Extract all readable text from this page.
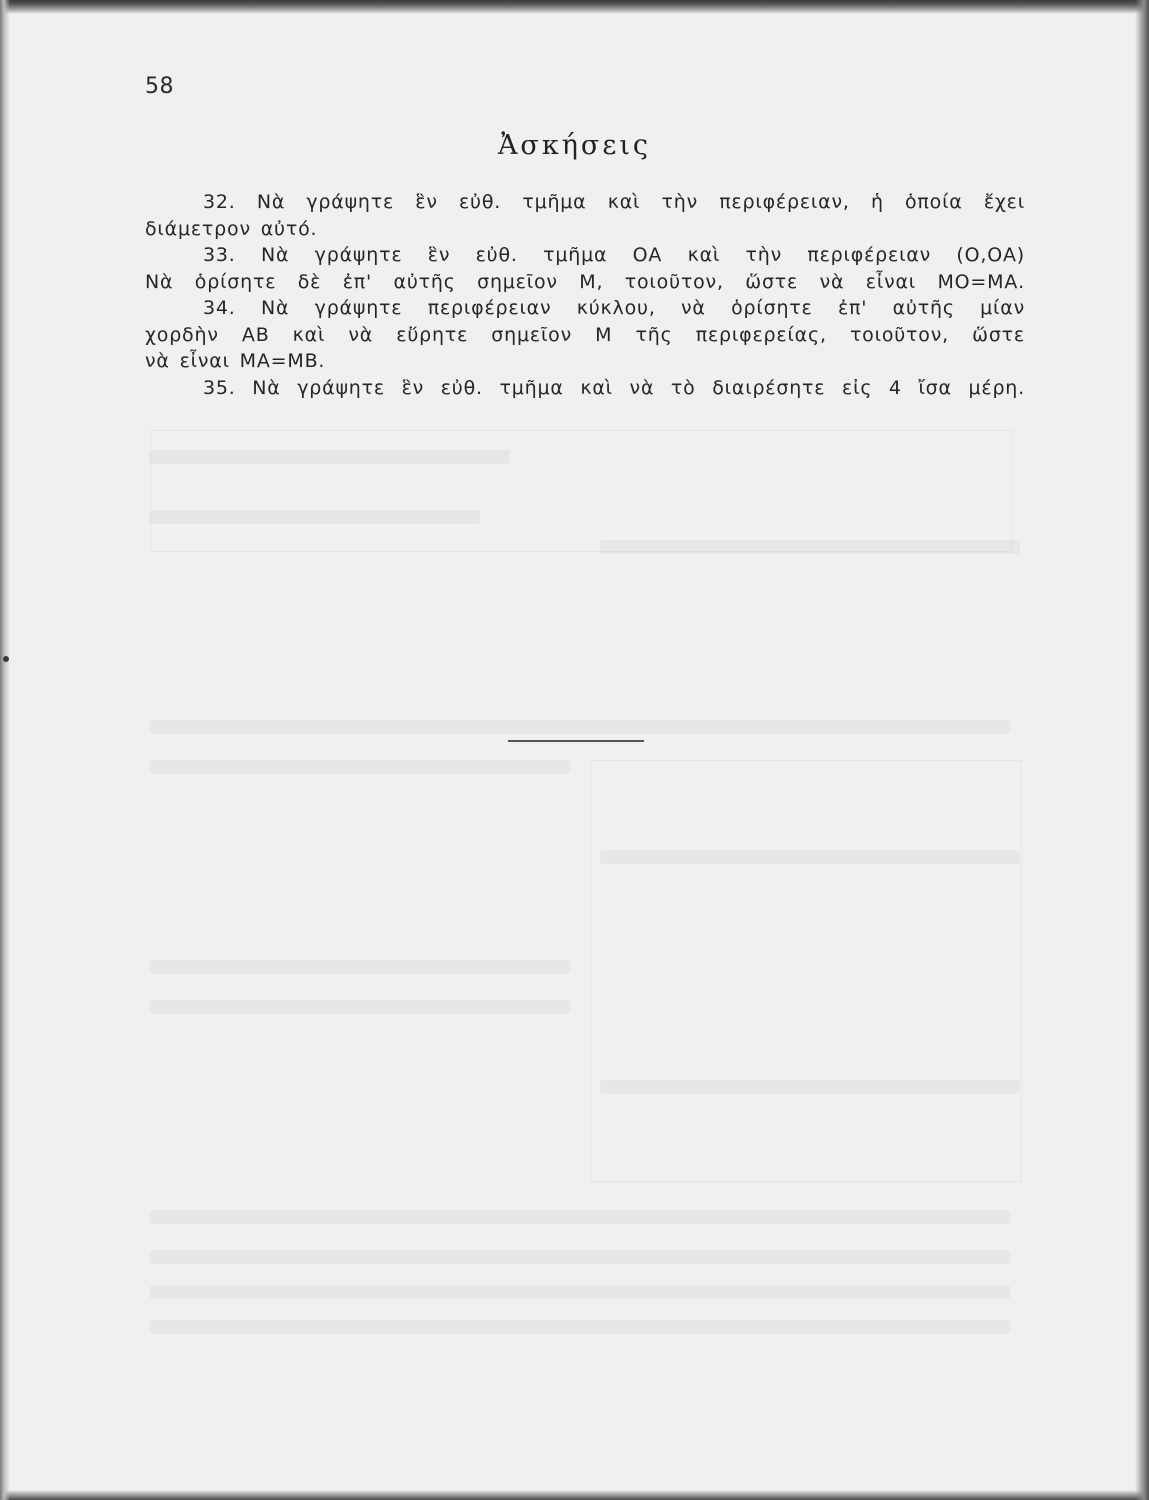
58
Ἀσκήσεις
32. Νὰ γράψητε ἓν εὐθ. τμῆμα καὶ τὴν περιφέρειαν, ἡ ὁποία ἔχει
διάμετρον αὐτό.
33. Νὰ γράψητε ἓν εὐθ. τμῆμα ΟΑ καὶ τὴν περιφέρειαν (Ο,ΟΑ)
Νὰ ὁρίσητε δὲ ἐπ' αὐτῆς σημεῖον Μ, τοιοῦτον, ὥστε νὰ εἶναι ΜΟ=ΜΑ.
34. Νὰ γράψητε περιφέρειαν κύκλου, νὰ ὁρίσητε ἐπ' αὐτῆς μίαν
χορδὴν ΑΒ καὶ νὰ εὕρητε σημεῖον Μ τῆς περιφερείας, τοιοῦτον, ὥστε
νὰ εἶναι ΜΑ=ΜΒ.
35. Νὰ γράψητε ἓν εὐθ. τμῆμα καὶ νὰ τὸ διαιρέσητε εἰς 4 ἴσα μέρη.
